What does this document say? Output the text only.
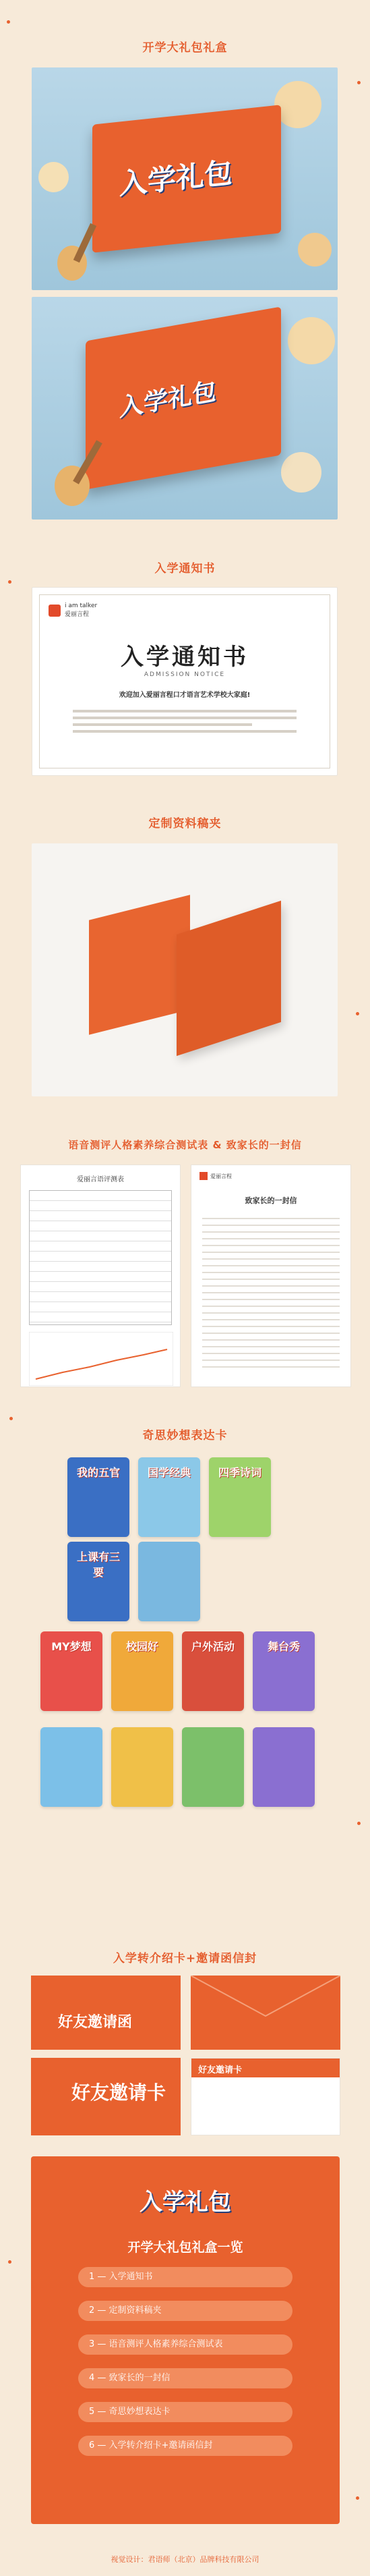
开学大礼包礼盒
入学礼包
入学礼包
入学通知书
i am talker
爱丽言程
入学通知书
ADMISSION NOTICE
欢迎加入爱丽言程口才语言艺术学校大家庭!
定制资料稿夹
语音测评人格素养综合测试表 & 致家长的一封信
爱丽言语评测表	爱丽言程
致家长的一封信
奇思妙想表达卡
我的五官	国学经典	四季诗词
上课有三要
MY梦想	校园好	户外活动	舞台秀
入学转介绍卡+邀请函信封
好友邀请函
好友邀请卡
好友邀请卡
入学礼包
开学大礼包礼盒一览
1 — 入学通知书
2 — 定制资料稿夹
3 — 语音测评人格素养综合测试表
4 — 致家长的一封信
5 — 奇思妙想表达卡
6 — 入学转介绍卡+邀请函信封
视觉设计：君语师（北京）品牌科技有限公司
